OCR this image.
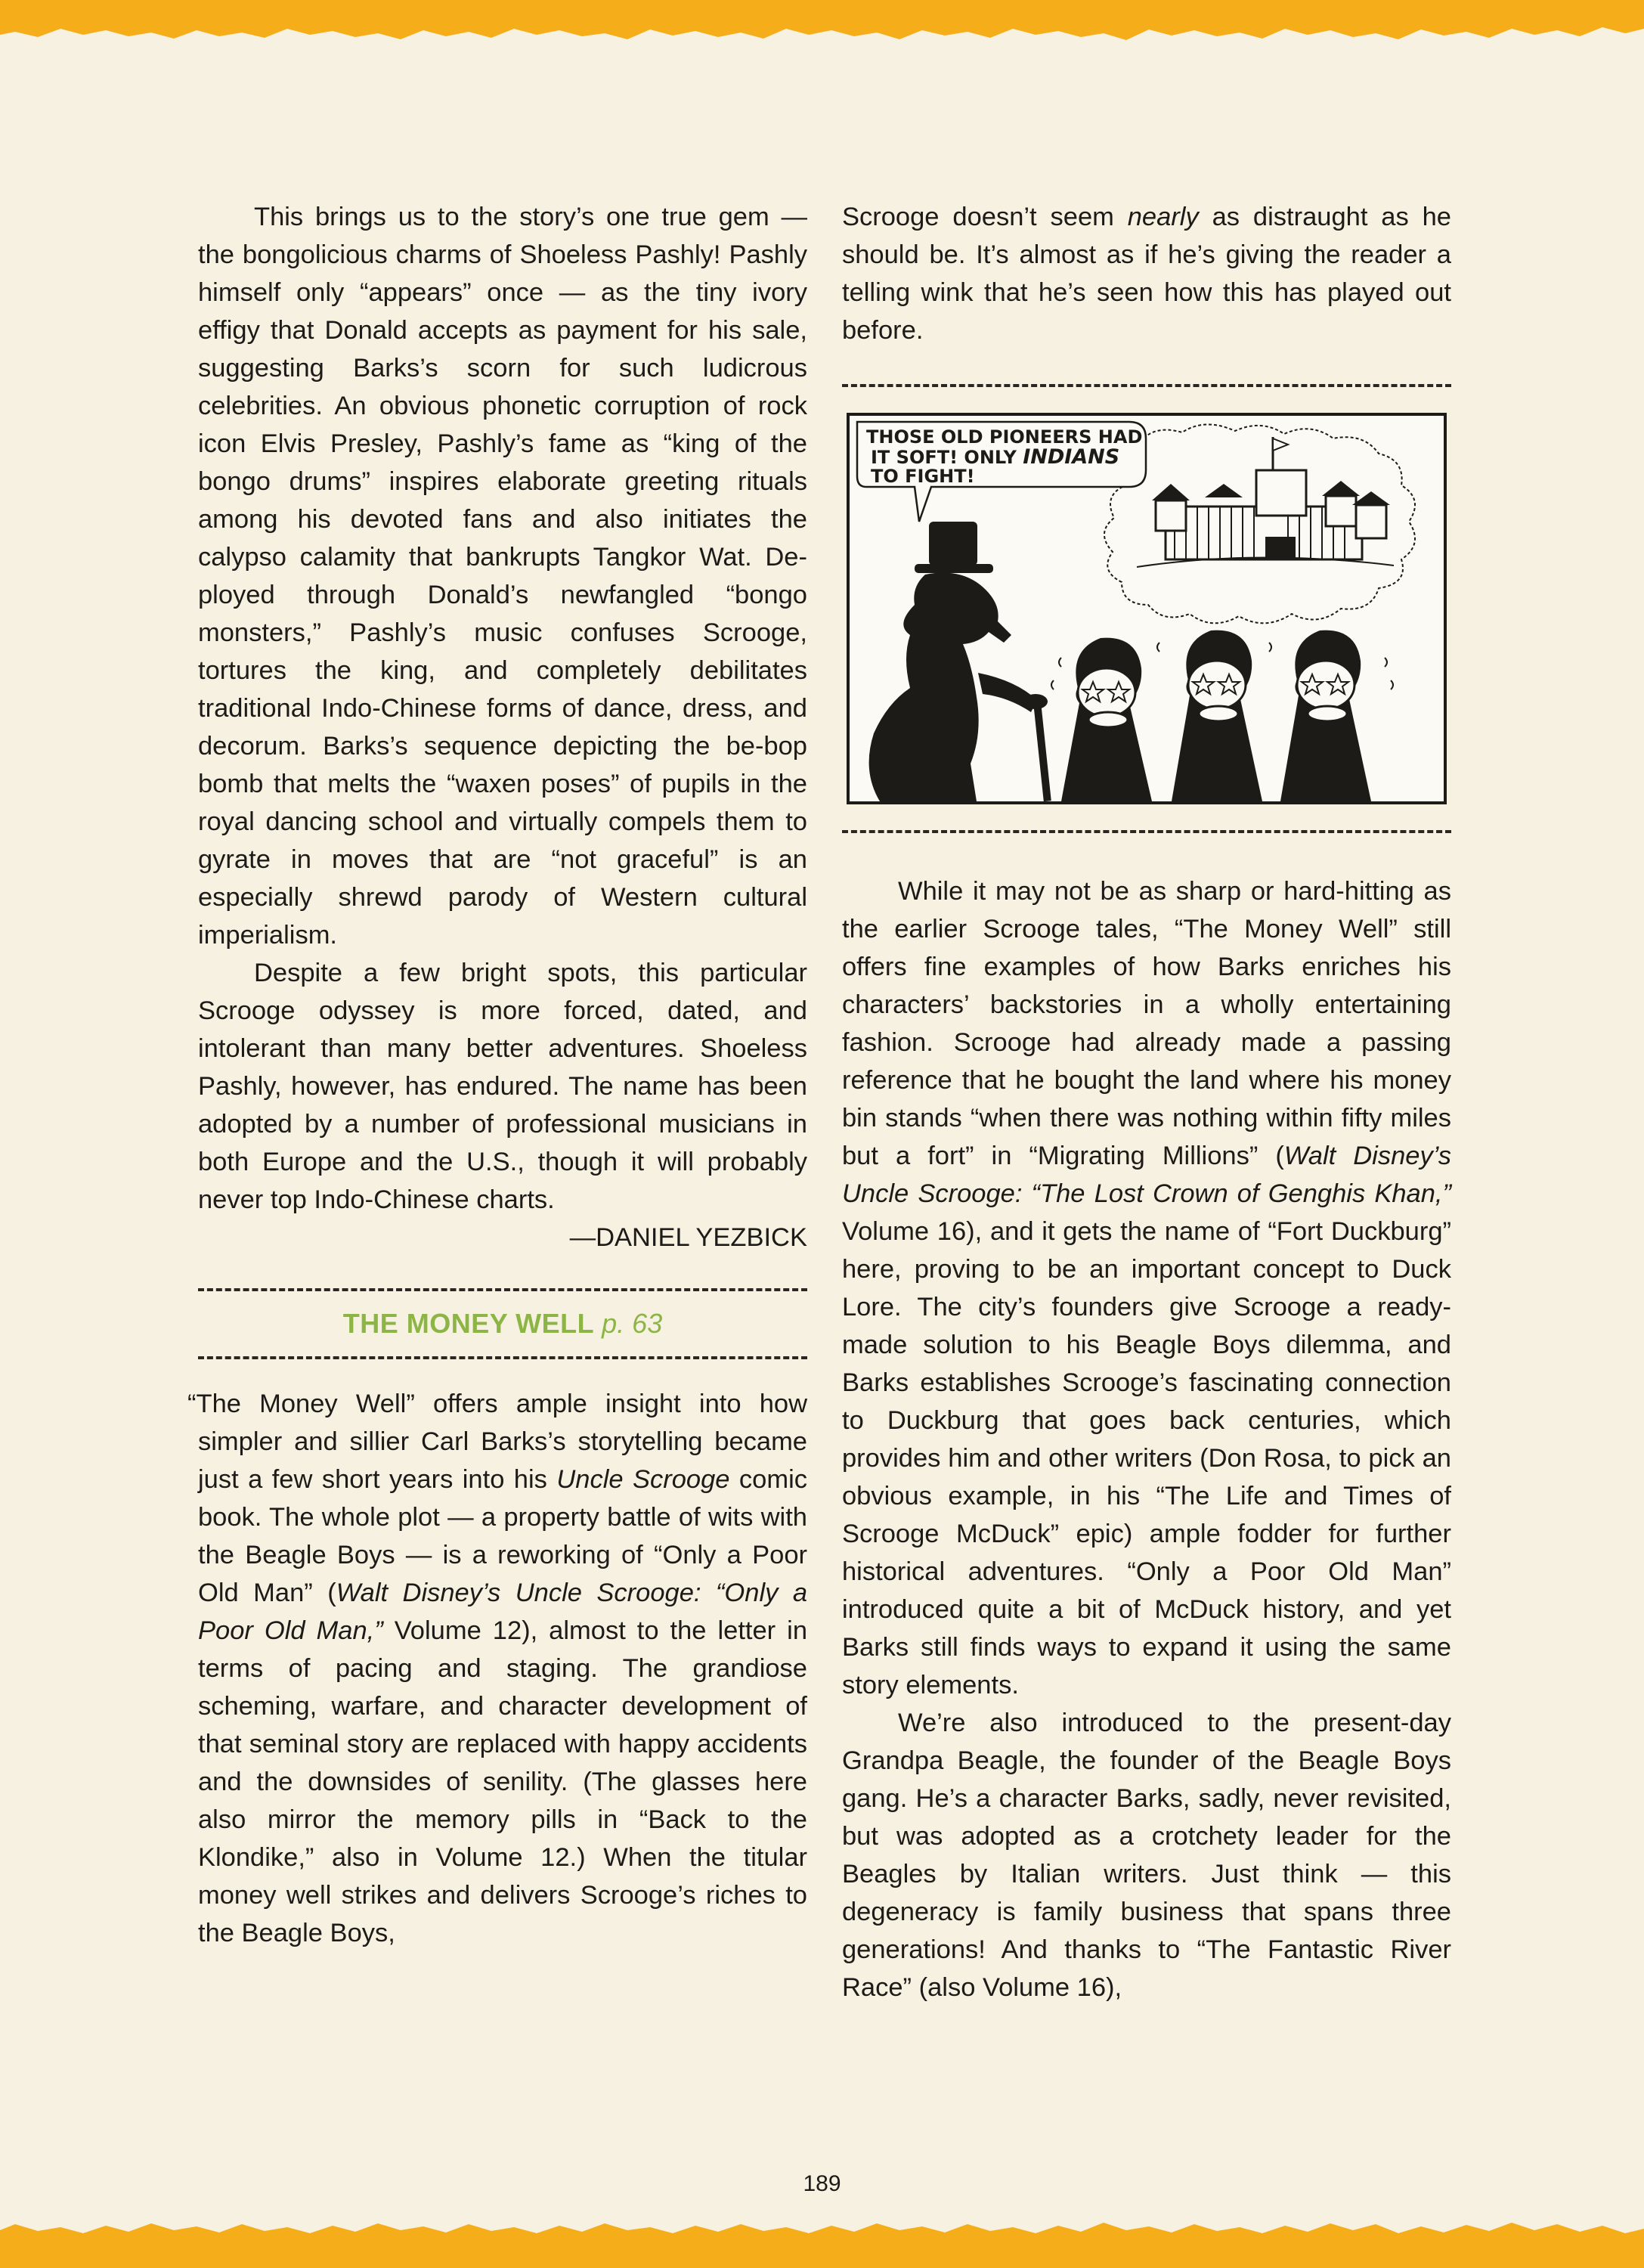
This brings us to the story’s one true gem — the bongolicious charms of Shoeless Pashly! Pashly himself only “appears” once — as the tiny ivory effigy that Donald accepts as payment for his sale, suggesting Barks’s scorn for such ludicrous celebrities. An obvious phonetic corruption of rock icon Elvis Presley, Pashly’s fame as “king of the bongo drums” inspires elaborate greeting rituals among his devoted fans and also initiates the calypso calamity that bankrupts Tangkor Wat. Deployed through Donald’s newfangled “bongo monsters,” Pashly’s music confuses Scrooge, tortures the king, and completely debilitates traditional Indo-Chinese forms of dance, dress, and decorum. Barks’s sequence depicting the be-bop bomb that melts the “waxen poses” of pupils in the royal dancing school and virtually compels them to gyrate in moves that are “not graceful” is an especially shrewd parody of Western cultural imperialism.

Despite a few bright spots, this particular Scrooge odyssey is more forced, dated, and intolerant than many better adventures. Shoeless Pashly, however, has endured. The name has been adopted by a number of professional musicians in both Europe and the U.S., though it will probably never top Indo-Chinese charts.

—DANIEL YEZBICK

THE MONEY WELL p. 63

“The Money Well” offers ample insight into how simpler and sillier Carl Barks’s storytelling became just a few short years into his Uncle Scrooge comic book. The whole plot — a property battle of wits with the Beagle Boys — is a reworking of “Only a Poor Old Man” (Walt Disney’s Uncle Scrooge: “Only a Poor Old Man,” Volume 12), almost to the letter in terms of pacing and staging. The grandiose scheming, warfare, and character development of that seminal story are replaced with happy accidents and the downsides of senility. (The glasses here also mirror the memory pills in “Back to the Klondike,” also in Volume 12.) When the titular money well strikes and delivers Scrooge’s riches to the Beagle Boys,

Scrooge doesn’t seem nearly as distraught as he should be. It’s almost as if he’s giving the reader a telling wink that he’s seen how this has played out before.

THOSE OLD PIONEERS HAD
IT SOFT! ONLY INDIANS
TO FIGHT!

While it may not be as sharp or hard-hitting as the earlier Scrooge tales, “The Money Well” still offers fine examples of how Barks enriches his characters’ backstories in a wholly entertaining fashion. Scrooge had already made a passing reference that he bought the land where his money bin stands “when there was nothing within fifty miles but a fort” in “Migrating Millions” (Walt Disney’s Uncle Scrooge: “The Lost Crown of Genghis Khan,” Volume 16), and it gets the name of “Fort Duckburg” here, proving to be an important concept to Duck Lore. The city’s founders give Scrooge a ready-made solution to his Beagle Boys dilemma, and Barks establishes Scrooge’s fascinating connection to Duckburg that goes back centuries, which provides him and other writers (Don Rosa, to pick an obvious example, in his “The Life and Times of Scrooge McDuck” epic) ample fodder for further historical adventures. “Only a Poor Old Man” introduced quite a bit of McDuck history, and yet Barks still finds ways to expand it using the same story elements.

We’re also introduced to the present-day Grandpa Beagle, the founder of the Beagle Boys gang. He’s a character Barks, sadly, never revisited, but was adopted as a crotchety leader for the Beagles by Italian writers. Just think — this degeneracy is family business that spans three generations! And thanks to “The Fantastic River Race” (also Volume 16),

189
